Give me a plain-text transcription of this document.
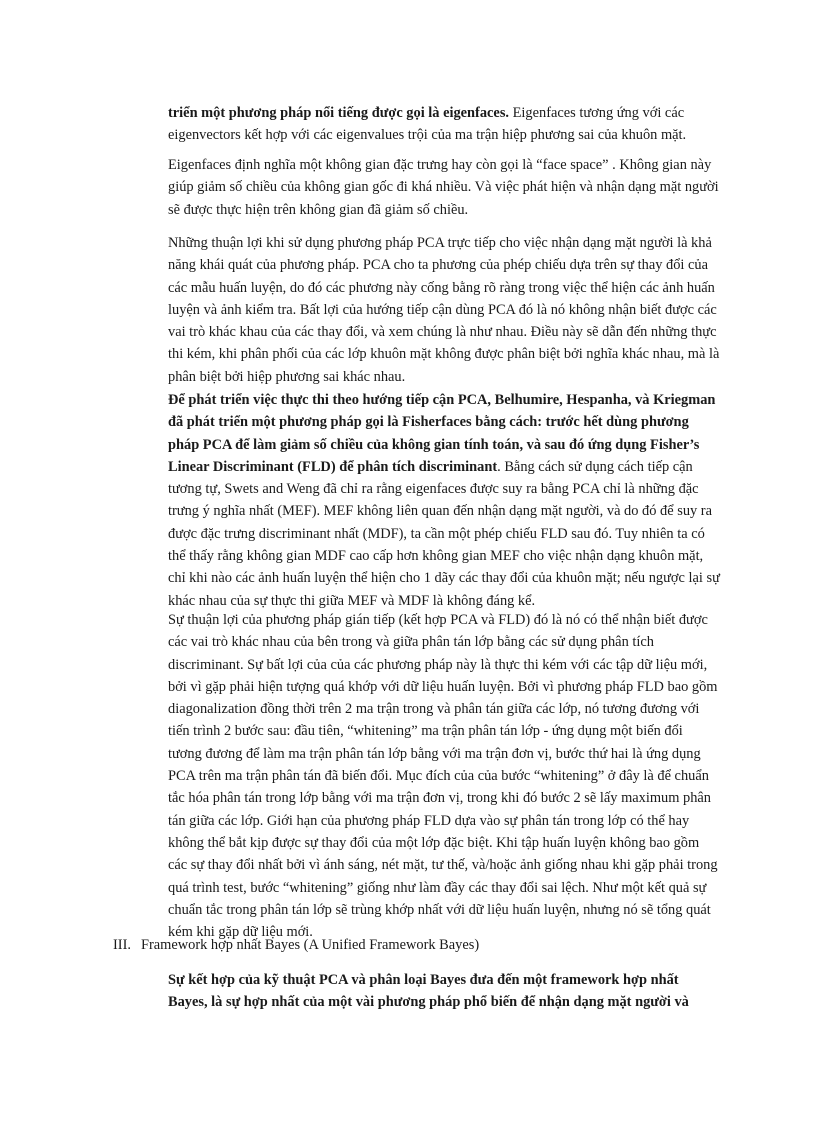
triển một phương pháp nổi tiếng được gọi là eigenfaces. Eigenfaces tương ứng với các eigenvectors kết hợp với các eigenvalues trội của ma trận hiệp phương sai của khuôn mặt.

Eigenfaces định nghĩa một không gian đặc trưng hay còn gọi là “face space” . Không gian này giúp giảm số chiều của không gian gốc đi khá nhiều. Và việc phát hiện và nhận dạng mặt người sẽ được thực hiện trên không gian đã giảm số chiều.

Những thuận lợi khi sử dụng phương pháp PCA trực tiếp cho việc nhận dạng mặt người là khả năng khái quát của phương pháp. PCA cho ta phương của phép chiếu dựa trên sự thay đổi của các mẫu huấn luyện, do đó các phương này cống bằng rõ ràng trong việc thể hiện các ảnh huấn luyện và ảnh kiểm tra. Bất lợi của hướng tiếp cận dùng PCA đó là nó không nhận biết được các vai trò khác khau của các thay đổi, và xem chúng là như nhau. Điều này sẽ dẫn đến những thực thi kém, khi phân phối của các lớp khuôn mặt không được phân biệt bởi nghĩa khác nhau, mà là phân biệt bởi hiệp phương sai khác nhau.

Để phát triển việc thực thi theo hướng tiếp cận PCA, Belhumire, Hespanha, và Kriegman đã phát triển một phương pháp gọi là Fisherfaces bằng cách: trước hết dùng phương pháp PCA để làm giảm số chiều của không gian tính toán, và sau đó ứng dụng Fisher’s Linear Discriminant (FLD) để phân tích discriminant. Bằng cách sử dụng cách tiếp cận tương tự, Swets and Weng đã chỉ ra rằng eigenfaces được suy ra bằng PCA chỉ là những đặc trưng ý nghĩa nhất (MEF). MEF không liên quan đến nhận dạng mặt người, và do đó để suy ra được đặc trưng discriminant nhất (MDF), ta cần một phép chiếu FLD sau đó. Tuy nhiên ta có thể thấy rằng không gian MDF cao cấp hơn không gian MEF cho việc nhận dạng khuôn mặt, chỉ khi nào các ảnh huấn luyện thể hiện cho 1 dãy các thay đổi của khuôn mặt; nếu ngược lại sự khác nhau của sự thực thi giữa MEF và MDF là không đáng kể.

Sự thuận lợi của phương pháp gián tiếp (kết hợp PCA và FLD) đó là nó có thể nhận biết được các vai trò khác nhau của bên trong và giữa phân tán lớp bằng các sử dụng phân tích discriminant. Sự bất lợi của của các phương pháp này là thực thi kém với các tập dữ liệu mới, bởi vì gặp phải hiện tượng quá khớp với dữ liệu huấn luyện. Bởi vì phương pháp FLD bao gồm diagonalization đồng thời trên 2 ma trận trong và phân tán giữa các lớp, nó tương đương với tiến trình 2 bước sau: đầu tiên, “whitening” ma trận phân tán lớp - ứng dụng một biến đổi tương đương để làm ma trận phân tán lớp bằng với ma trận đơn vị, bước thứ hai là ứng dụng PCA trên ma trận phân tán đã biến đổi. Mục đích của của bước “whitening” ở đây là để chuẩn tắc hóa phân tán trong lớp bằng với ma trận đơn vị, trong khi đó bước 2 sẽ lấy maximum phân tán giữa các lớp. Giới hạn của phương pháp FLD dựa vào sự phân tán trong lớp có thể hay không thể bắt kịp được sự thay đổi của một lớp đặc biệt. Khi tập huấn luyện không bao gồm các sự thay đổi nhất bởi vì ánh sáng, nét mặt, tư thế, và/hoặc ảnh giống nhau khi gặp phải trong quá trình test, bước “whitening” giống như làm đầy các thay đổi sai lệch. Như một kết quả sự chuẩn tắc trong phân tán lớp sẽ trùng khớp nhất với dữ liệu huấn luyện, nhưng nó sẽ tổng quát kém khi gặp dữ liệu mới.

III. Framework hợp nhất Bayes (A Unified Framework Bayes)

Sự kết hợp của kỹ thuật PCA và phân loại Bayes đưa đến một framework hợp nhất Bayes, là sự hợp nhất của một vài phương pháp phổ biến để nhận dạng mặt người và
